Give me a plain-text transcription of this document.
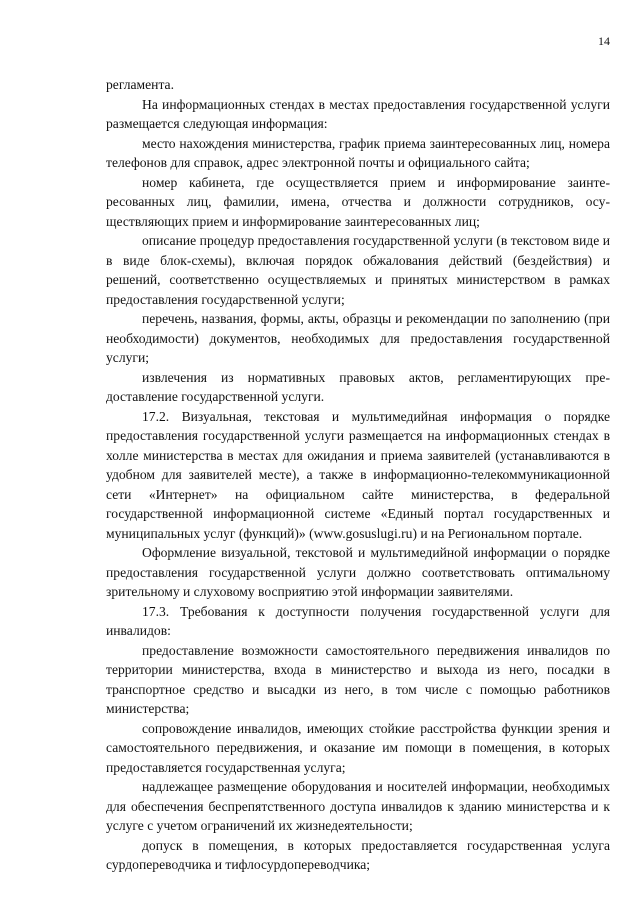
14

регламента.

На информационных стендах в местах предоставления государственной услуги размещается следующая информация:

место нахождения министерства, график приема заинтересованных лиц, номера телефонов для справок, адрес электронной почты и официального сайта;

номер кабинета, где осуществляется прием и информирование заинтересованных лиц, фамилии, имена, отчества и должности сотрудников, осуществляющих прием и информирование заинтересованных лиц;

описание процедур предоставления государственной услуги (в текстовом виде и в виде блок-схемы), включая порядок обжалования действий (бездействия) и решений, соответственно осуществляемых и принятых министерством в рамках предоставления государственной услуги;

перечень, названия, формы, акты, образцы и рекомендации по заполнению (при необходимости) документов, необходимых для предоставления государственной услуги;

извлечения из нормативных правовых актов, регламентирующих предоставление государственной услуги.

17.2. Визуальная, текстовая и мультимедийная информация о порядке предоставления государственной услуги размещается на информационных стендах в холле министерства в местах для ожидания и приема заявителей (устанавливаются в удобном для заявителей месте), а также в информационно-телекоммуникационной сети «Интернет» на официальном сайте министерства, в федеральной государственной информационной системе «Единый портал государственных и муниципальных услуг (функций)» (www.gosuslugi.ru) и на Региональном портале.

Оформление визуальной, текстовой и мультимедийной информации о порядке предоставления государственной услуги должно соответствовать оптимальному зрительному и слуховому восприятию этой информации заявителями.

17.3. Требования к доступности получения государственной услуги для инвалидов:

предоставление возможности самостоятельного передвижения инвалидов по территории министерства, входа в министерство и выхода из него, посадки в транспортное средство и высадки из него, в том числе с помощью работников министерства;

сопровождение инвалидов, имеющих стойкие расстройства функции зрения и самостоятельного передвижения, и оказание им помощи в помещения, в которых предоставляется государственная услуга;

надлежащее размещение оборудования и носителей информации, необходимых для обеспечения беспрепятственного доступа инвалидов к зданию министерства и к услуге с учетом ограничений их жизнедеятельности;

допуск в помещения, в которых предоставляется государственная услуга сурдопереводчика и тифлосурдопереводчика;
